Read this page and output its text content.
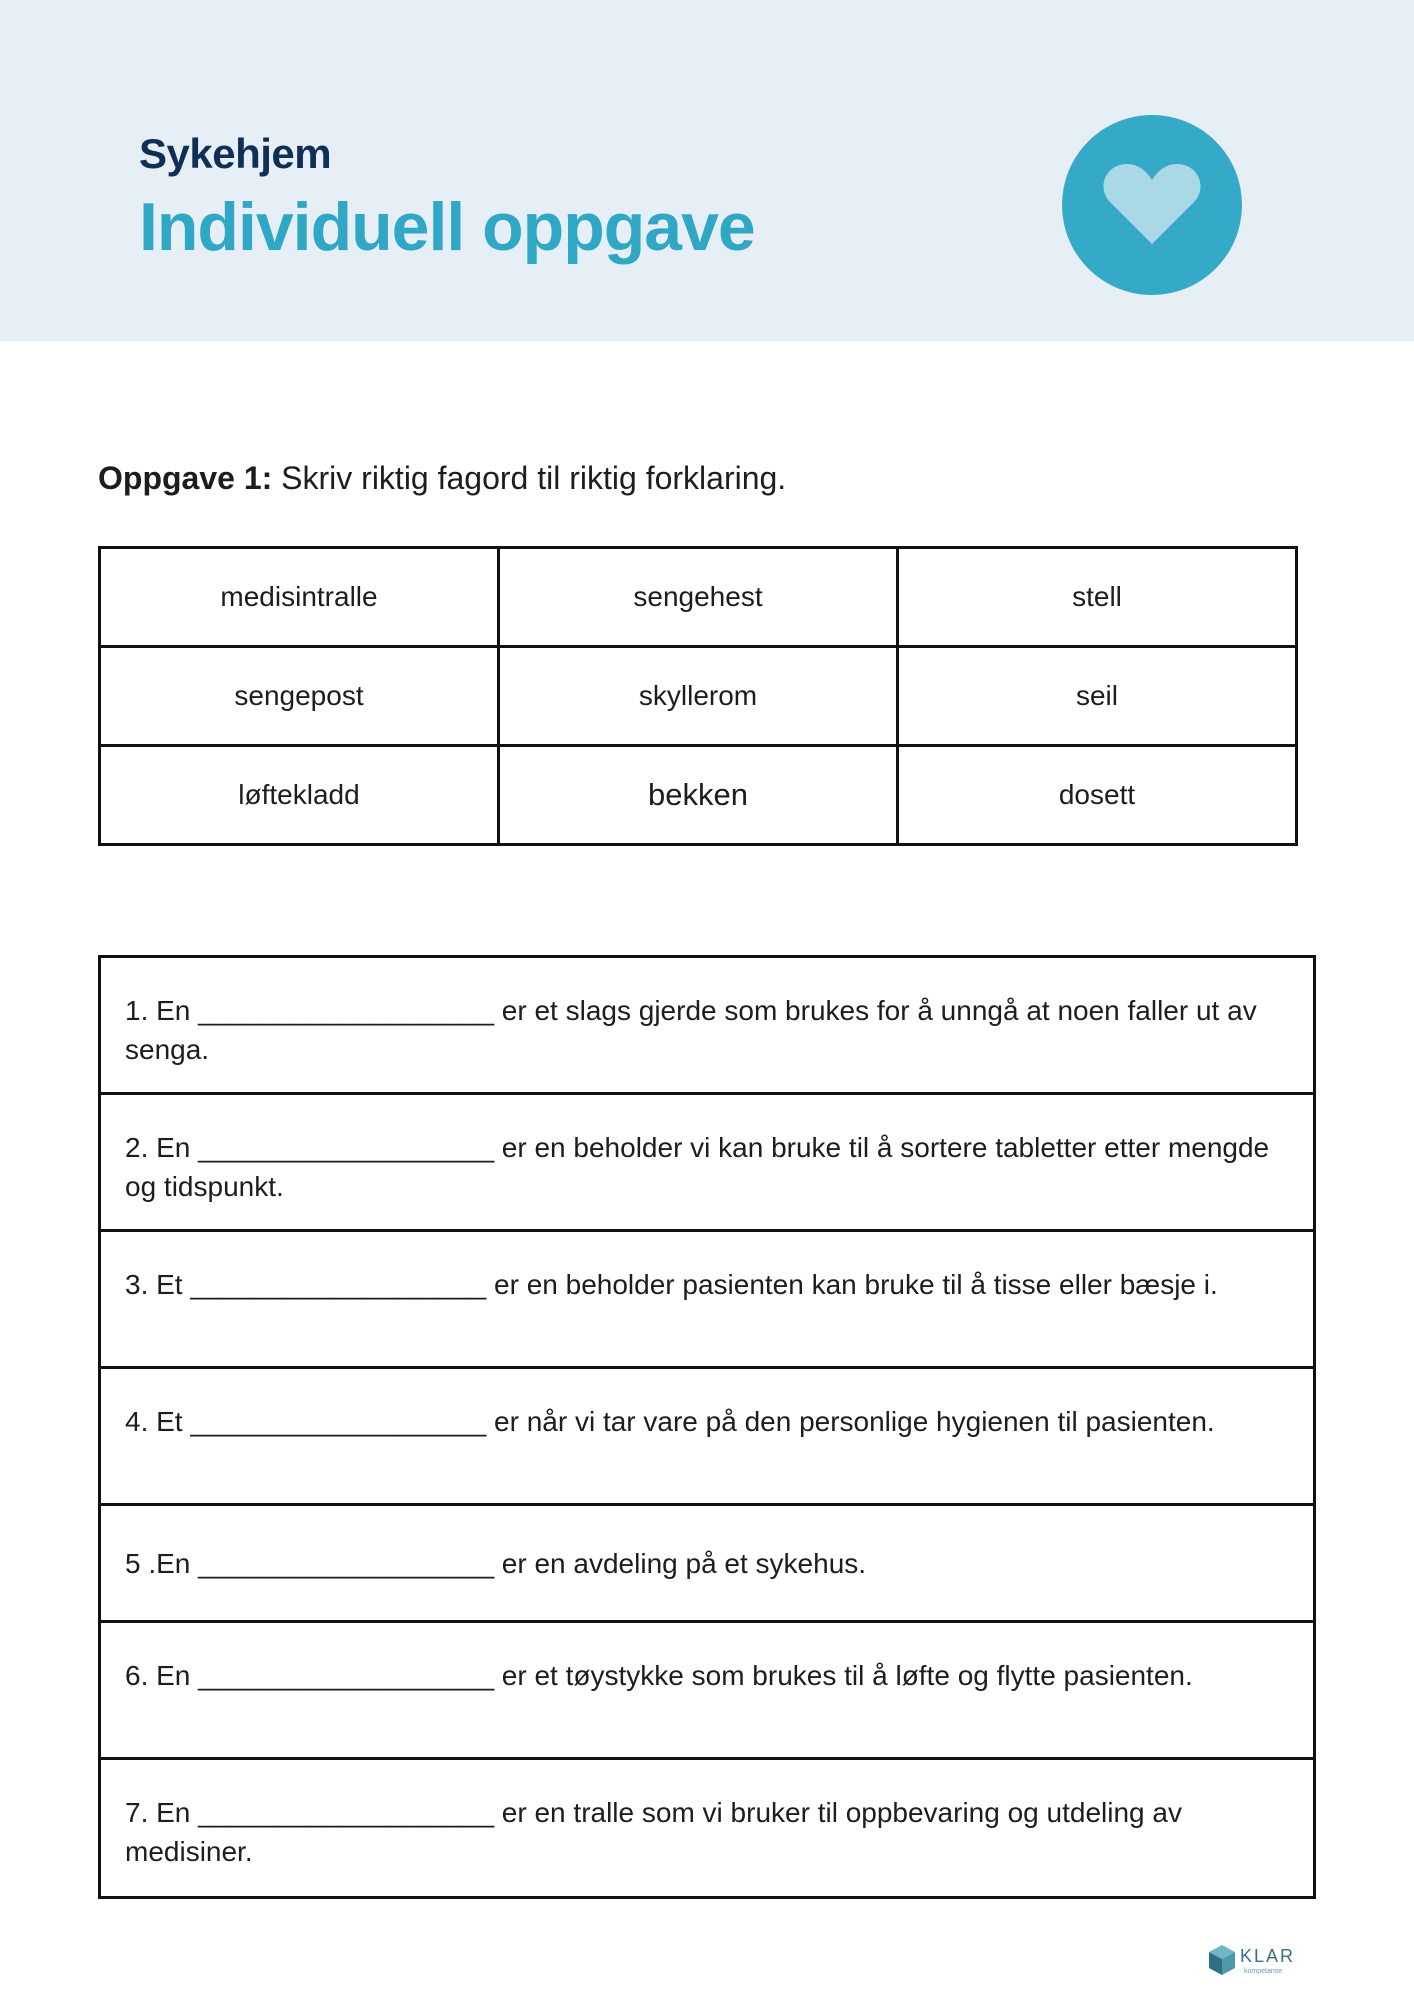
Sykehjem
Individuell oppgave
Oppgave 1: Skriv riktig fagord til riktig forklaring.
medisintralle	sengehest	stell
sengepost	skyllerom	seil
løftekladd	bekken	dosett
1. En ___________________ er et slags gjerde som brukes for å unngå at noen faller ut av senga.
2. En ___________________ er en beholder vi kan bruke til å sortere tabletter etter mengde og tidspunkt.
3. Et ___________________ er en beholder pasienten kan bruke til å tisse eller bæsje i.
4. Et ___________________ er når vi tar vare på den personlige hygienen til pasienten.
5 .En ___________________ er en avdeling på et sykehus.
6. En ___________________ er et tøystykke som brukes til å løfte og flytte pasienten.
7. En ___________________ er en tralle som vi bruker til oppbevaring og utdeling av medisiner.
KLAR
kompetanse
